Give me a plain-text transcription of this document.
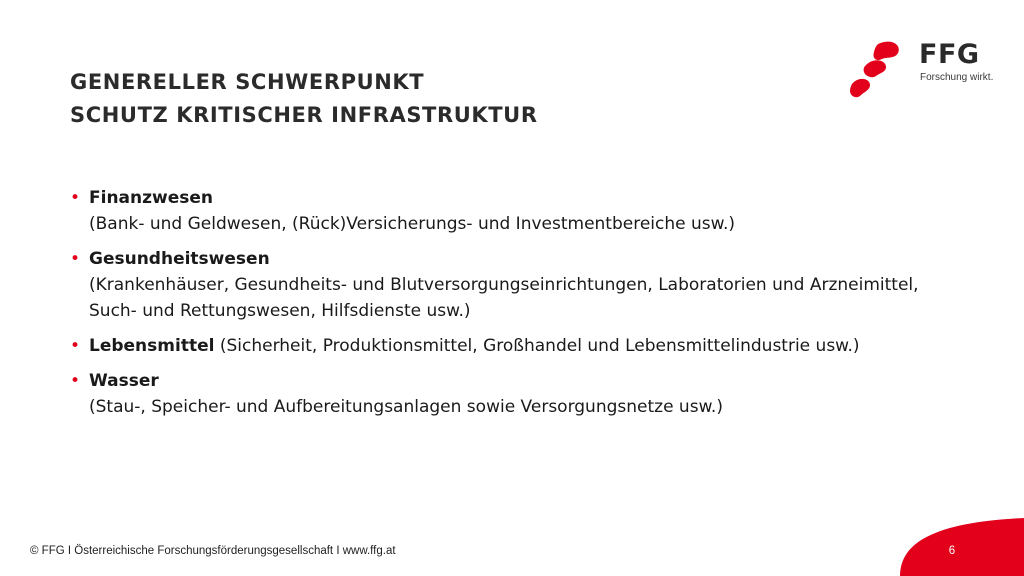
GENERELLER SCHWERPUNKT
SCHUTZ KRITISCHER INFRASTRUKTUR
FFG
Forschung wirkt.
• Finanzwesen
(Bank- und Geldwesen, (Rück)Versicherungs- und Investmentbereiche usw.)
• Gesundheitswesen
(Krankenhäuser, Gesundheits- und Blutversorgungseinrichtungen, Laboratorien und Arzneimittel, Such- und Rettungswesen, Hilfsdienste usw.)
• Lebensmittel (Sicherheit, Produktionsmittel, Großhandel und Lebensmittelindustrie usw.)
• Wasser
(Stau-, Speicher- und Aufbereitungsanlagen sowie Versorgungsnetze usw.)
© FFG I Österreichische Forschungsförderungsgesellschaft I www.ffg.at	6
